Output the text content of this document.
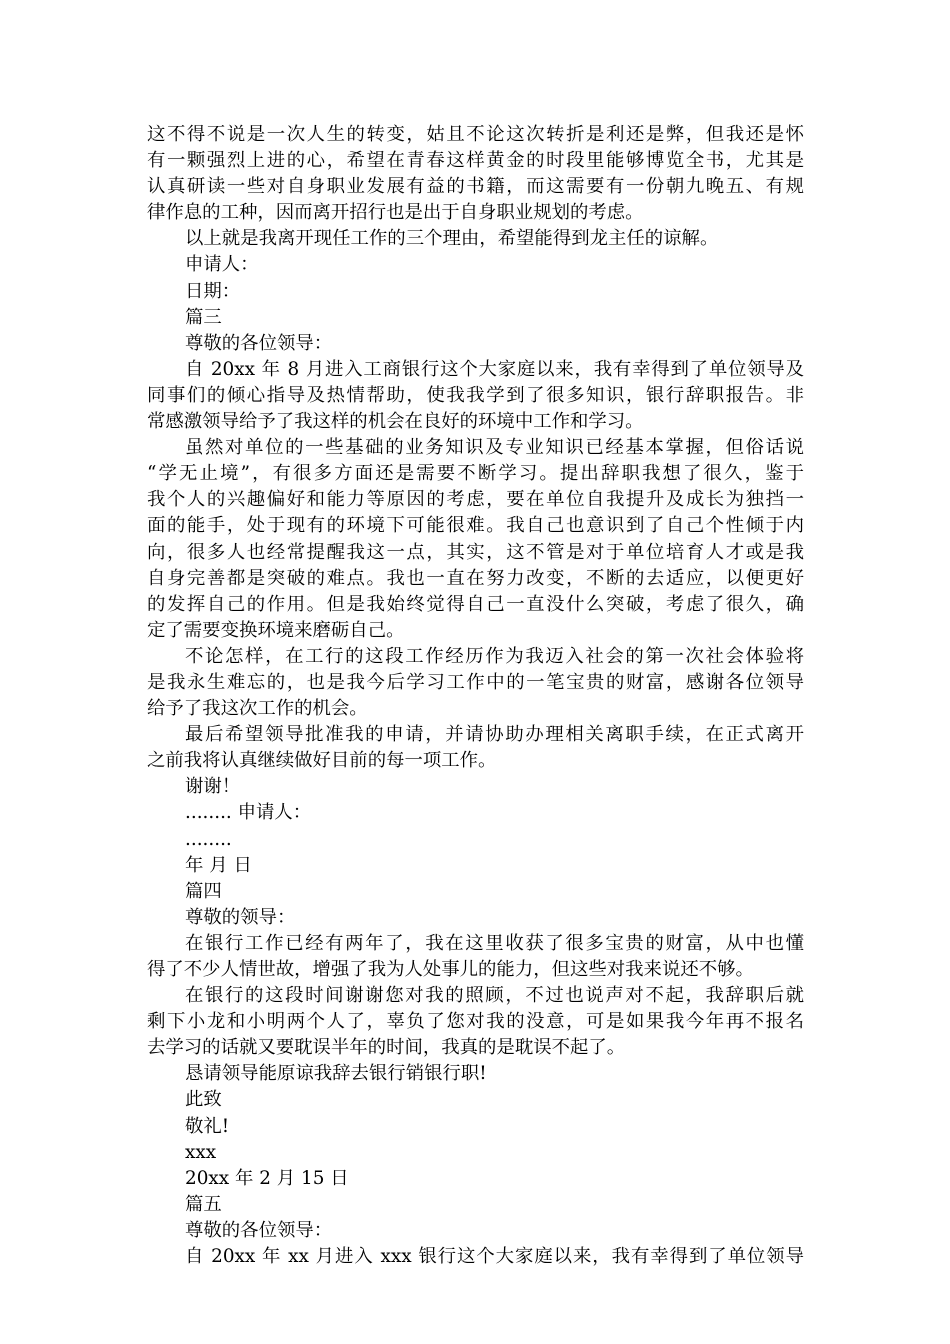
这不得不说是一次人生的转变，姑且不论这次转折是利还是弊，但我还是怀
有一颗强烈上进的心，希望在青春这样黄金的时段里能够博览全书，尤其是
认真研读一些对自身职业发展有益的书籍，而这需要有一份朝九晚五、有规
律作息的工种，因而离开招行也是出于自身职业规划的考虑。
以上就是我离开现任工作的三个理由，希望能得到龙主任的谅解。
申请人：
日期：
篇三
尊敬的各位领导：
自 20xx 年 8 月进入工商银行这个大家庭以来，我有幸得到了单位领导及
同事们的倾心指导及热情帮助，使我我学到了很多知识，银行辞职报告。非
常感激领导给予了我这样的机会在良好的环境中工作和学习。
虽然对单位的一些基础的业务知识及专业知识已经基本掌握，但俗话说
“学无止境”，有很多方面还是需要不断学习。提出辞职我想了很久，鉴于
我个人的兴趣偏好和能力等原因的考虑，要在单位自我提升及成长为独挡一
面的能手，处于现有的环境下可能很难。我自己也意识到了自己个性倾于内
向，很多人也经常提醒我这一点，其实，这不管是对于单位培育人才或是我
自身完善都是突破的难点。我也一直在努力改变，不断的去适应，以便更好
的发挥自己的作用。但是我始终觉得自己一直没什么突破，考虑了很久，确
定了需要变换环境来磨砺自己。
不论怎样，在工行的这段工作经历作为我迈入社会的第一次社会体验将
是我永生难忘的，也是我今后学习工作中的一笔宝贵的财富，感谢各位领导
给予了我这次工作的机会。
最后希望领导批准我的申请，并请协助办理相关离职手续，在正式离开
之前我将认真继续做好目前的每一项工作。
谢谢！
........ 申请人：
........
年 月 日
篇四
尊敬的领导：
在银行工作已经有两年了，我在这里收获了很多宝贵的财富，从中也懂
得了不少人情世故，增强了我为人处事儿的能力，但这些对我来说还不够。
在银行的这段时间谢谢您对我的照顾，不过也说声对不起，我辞职后就
剩下小龙和小明两个人了，辜负了您对我的没意，可是如果我今年再不报名
去学习的话就又要耽误半年的时间，我真的是耽误不起了。
恳请领导能原谅我辞去银行销银行职!
此致
敬礼!
xxx
20xx 年 2 月 15 日
篇五
尊敬的各位领导：
自 20xx 年 xx 月进入 xxx 银行这个大家庭以来，我有幸得到了单位领导
